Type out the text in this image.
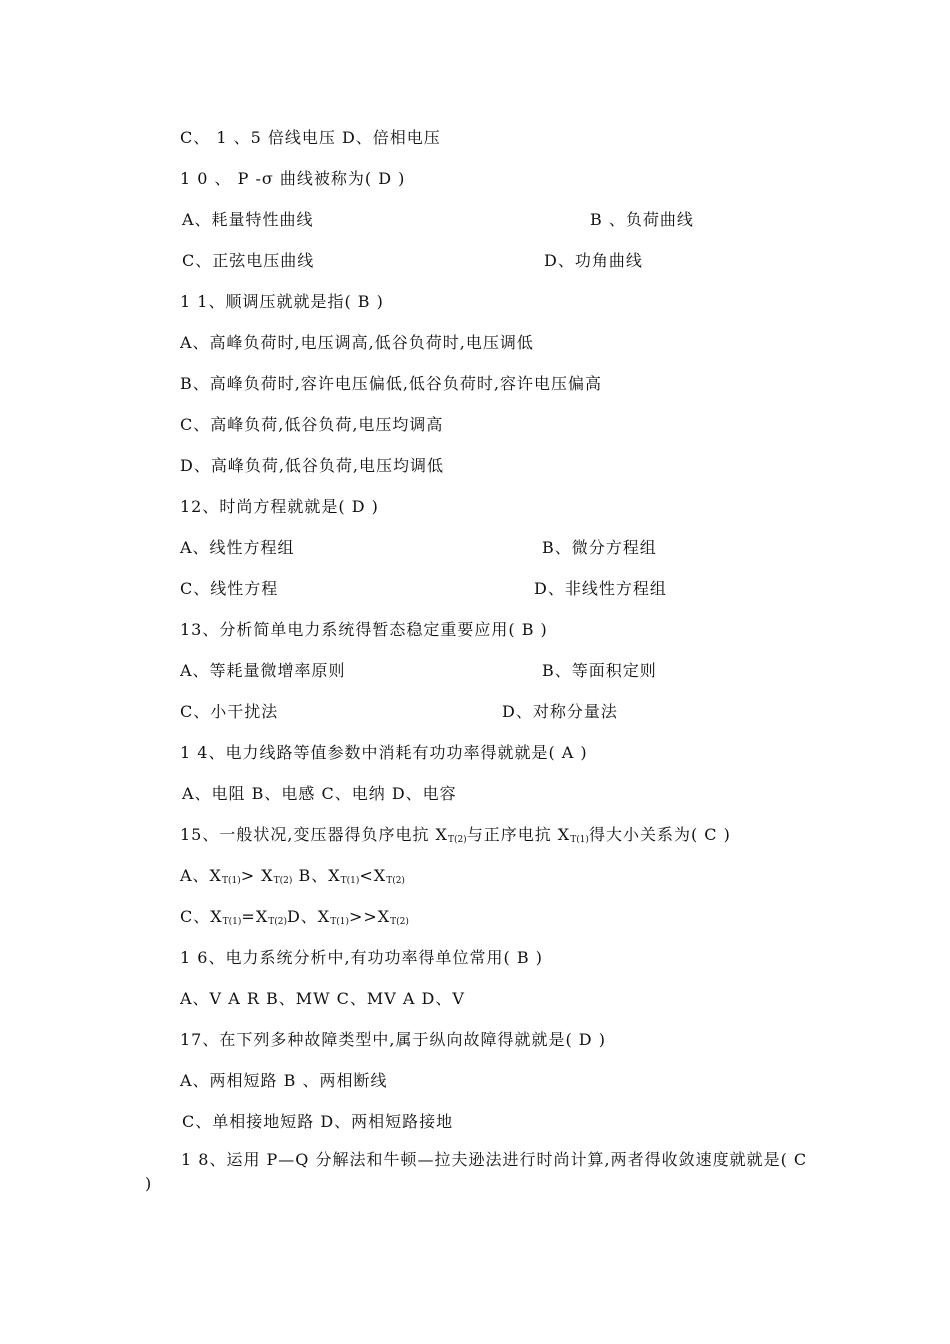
C、 1 、5 倍线电压 D、倍相电压
1 0 、 P -σ 曲线被称为( D )
A、耗量特性曲线	B 、负荷曲线
C、正弦电压曲线	D、功角曲线
1 1、顺调压就就是指( B )
A、高峰负荷时,电压调高,低谷负荷时,电压调低
B、高峰负荷时,容许电压偏低,低谷负荷时,容许电压偏高
C、高峰负荷,低谷负荷,电压均调高
D、高峰负荷,低谷负荷,电压均调低
12、时尚方程就就是( D )
A、线性方程组	B、微分方程组
C、线性方程	D、非线性方程组
13、分析简单电力系统得暂态稳定重要应用( B )
A、等耗量微增率原则	B、等面积定则
C、小干扰法	D、对称分量法
1 4、电力线路等值参数中消耗有功功率得就就是( A )
A、电阻 B、电感 C、电纳 D、电容
15、一般状况,变压器得负序电抗 $X_{T(2)}$与正序电抗 $X_{T(1)}$得大小关系为( C )
A、$X_{T(1)}> X_{T(2)}$ B、$X_{T(1)}<X_{T(2)}$
C、$X_{T(1)}=X_{T(2)}D$、$X_{T(1)}>>X_{T(2)}$
1 6、电力系统分析中,有功功率得单位常用( B )
A、V A R B、MW C、MV A D、V
17、在下列多种故障类型中,属于纵向故障得就就是( D )
A、两相短路 B 、两相断线
C、单相接地短路 D、两相短路接地
1 8、运用 P—Q 分解法和牛顿—拉夫逊法进行时尚计算,两者得收敛速度就就是( C )
